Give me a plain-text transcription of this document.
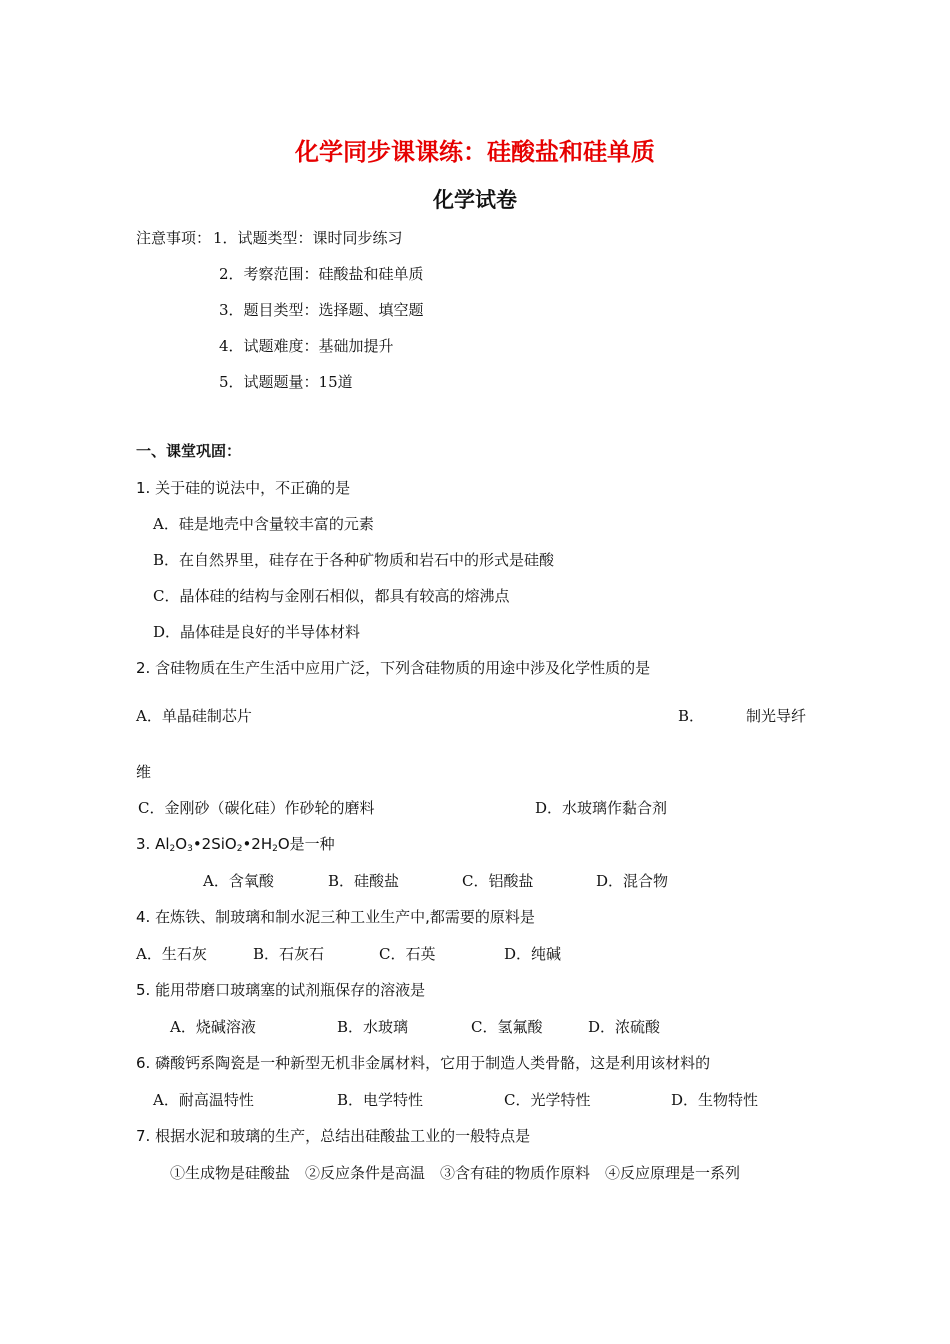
化学同步课课练：硅酸盐和硅单质
化学试卷
注意事项： 1．试题类型：课时同步练习
2．考察范围：硅酸盐和硅单质
3．题目类型：选择题、填空题
4．试题难度：基础加提升
5．试题题量：15道
一、课堂巩固：
1. 关于硅的说法中，不正确的是
A．硅是地壳中含量较丰富的元素
B．在自然界里，硅存在于各种矿物质和岩石中的形式是硅酸
C．晶体硅的结构与金刚石相似，都具有较高的熔沸点
D．晶体硅是良好的半导体材料
2. 含硅物质在生产生活中应用广泛，下列含硅物质的用途中涉及化学性质的是
A．单晶硅制芯片	B．	制光导纤
维
C．金刚砂（碳化硅）作砂轮的磨料	D．水玻璃作黏合剂
3. $Al_2O_3•2SiO_2•2H_2O$是一种
A．含氧酸	B．硅酸盐	C．铝酸盐	D．混合物
4. 在炼铁、制玻璃和制水泥三种工业生产中,都需要的原料是
A．生石灰	B．石灰石	C．石英	D．纯碱
5. 能用带磨口玻璃塞的试剂瓶保存的溶液是
A．烧碱溶液	B．水玻璃	C．氢氟酸	D．浓硫酸
6. 磷酸钙系陶瓷是一种新型无机非金属材料，它用于制造人类骨骼，这是利用该材料的
A．耐高温特性	B．电学特性	C．光学特性	D．生物特性
7. 根据水泥和玻璃的生产，总结出硅酸盐工业的一般特点是
①生成物是硅酸盐　②反应条件是高温　③含有硅的物质作原料　④反应原理是一系列
